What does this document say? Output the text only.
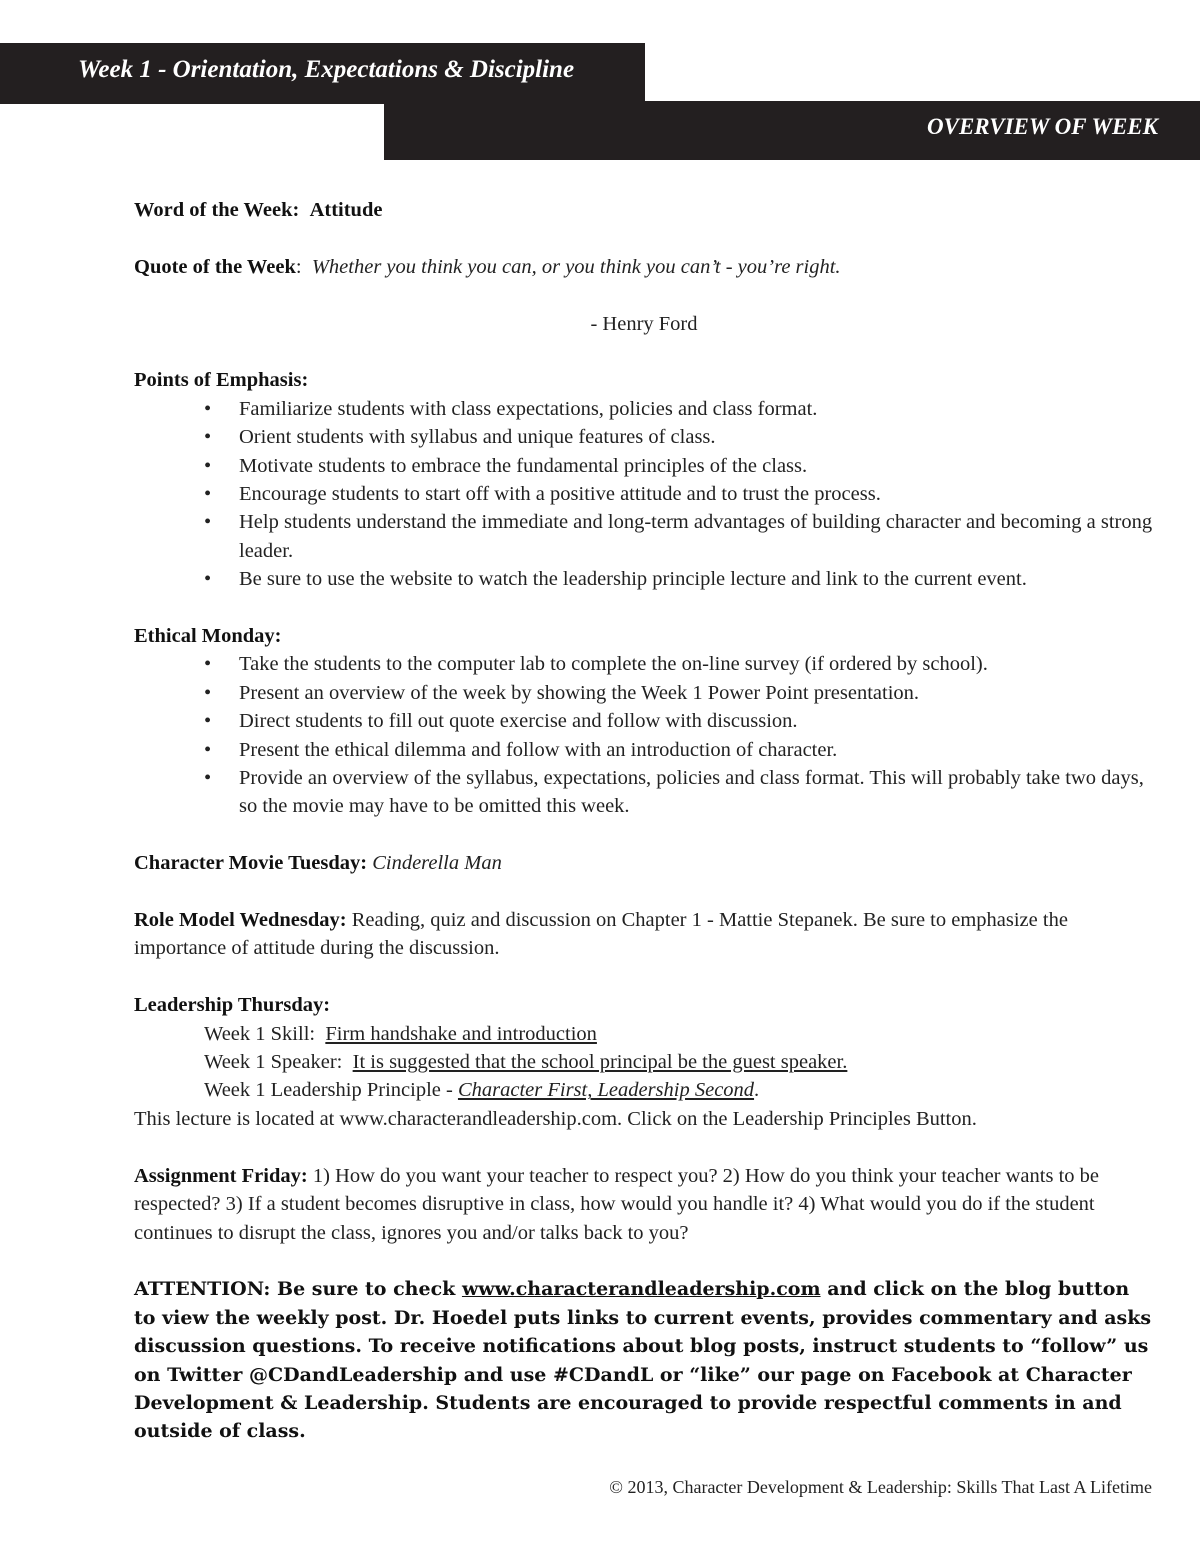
Week 1 - Orientation, Expectations & Discipline
OVERVIEW OF WEEK

Word of the Week: Attitude

Quote of the Week: Whether you think you can, or you think you can’t - you’re right.

- Henry Ford

Points of Emphasis:

• Familiarize students with class expectations, policies and class format.
• Orient students with syllabus and unique features of class.
• Motivate students to embrace the fundamental principles of the class.
• Encourage students to start off with a positive attitude and to trust the process.
• Help students understand the immediate and long-term advantages of building character and becoming a strong leader.
• Be sure to use the website to watch the leadership principle lecture and link to the current event.

Ethical Monday:

• Take the students to the computer lab to complete the on-line survey (if ordered by school).
• Present an overview of the week by showing the Week 1 Power Point presentation.
• Direct students to fill out quote exercise and follow with discussion.
• Present the ethical dilemma and follow with an introduction of character.
• Provide an overview of the syllabus, expectations, policies and class format. This will probably take two days, so the movie may have to be omitted this week.

Character Movie Tuesday: Cinderella Man

Role Model Wednesday: Reading, quiz and discussion on Chapter 1 - Mattie Stepanek. Be sure to emphasize the importance of attitude during the discussion.

Leadership Thursday:

Week 1 Skill: Firm handshake and introduction

Week 1 Speaker: It is suggested that the school principal be the guest speaker.

Week 1 Leadership Principle - Character First, Leadership Second.

This lecture is located at www.characterandleadership.com. Click on the Leadership Principles Button.

Assignment Friday: 1) How do you want your teacher to respect you? 2) How do you think your teacher wants to be respected? 3) If a student becomes disruptive in class, how would you handle it? 4) What would you do if the student continues to disrupt the class, ignores you and/or talks back to you?

ATTENTION: Be sure to check www.characterandleadership.com and click on the blog button to view the weekly post. Dr. Hoedel puts links to current events, provides commentary and asks discussion questions. To receive notifications about blog posts, instruct students to “follow” us on Twitter @CDandLeadership and use #CDandL or “like” our page on Facebook at Character Development & Leadership. Students are encouraged to provide respectful comments in and outside of class.

© 2013, Character Development & Leadership: Skills That Last A Lifetime
